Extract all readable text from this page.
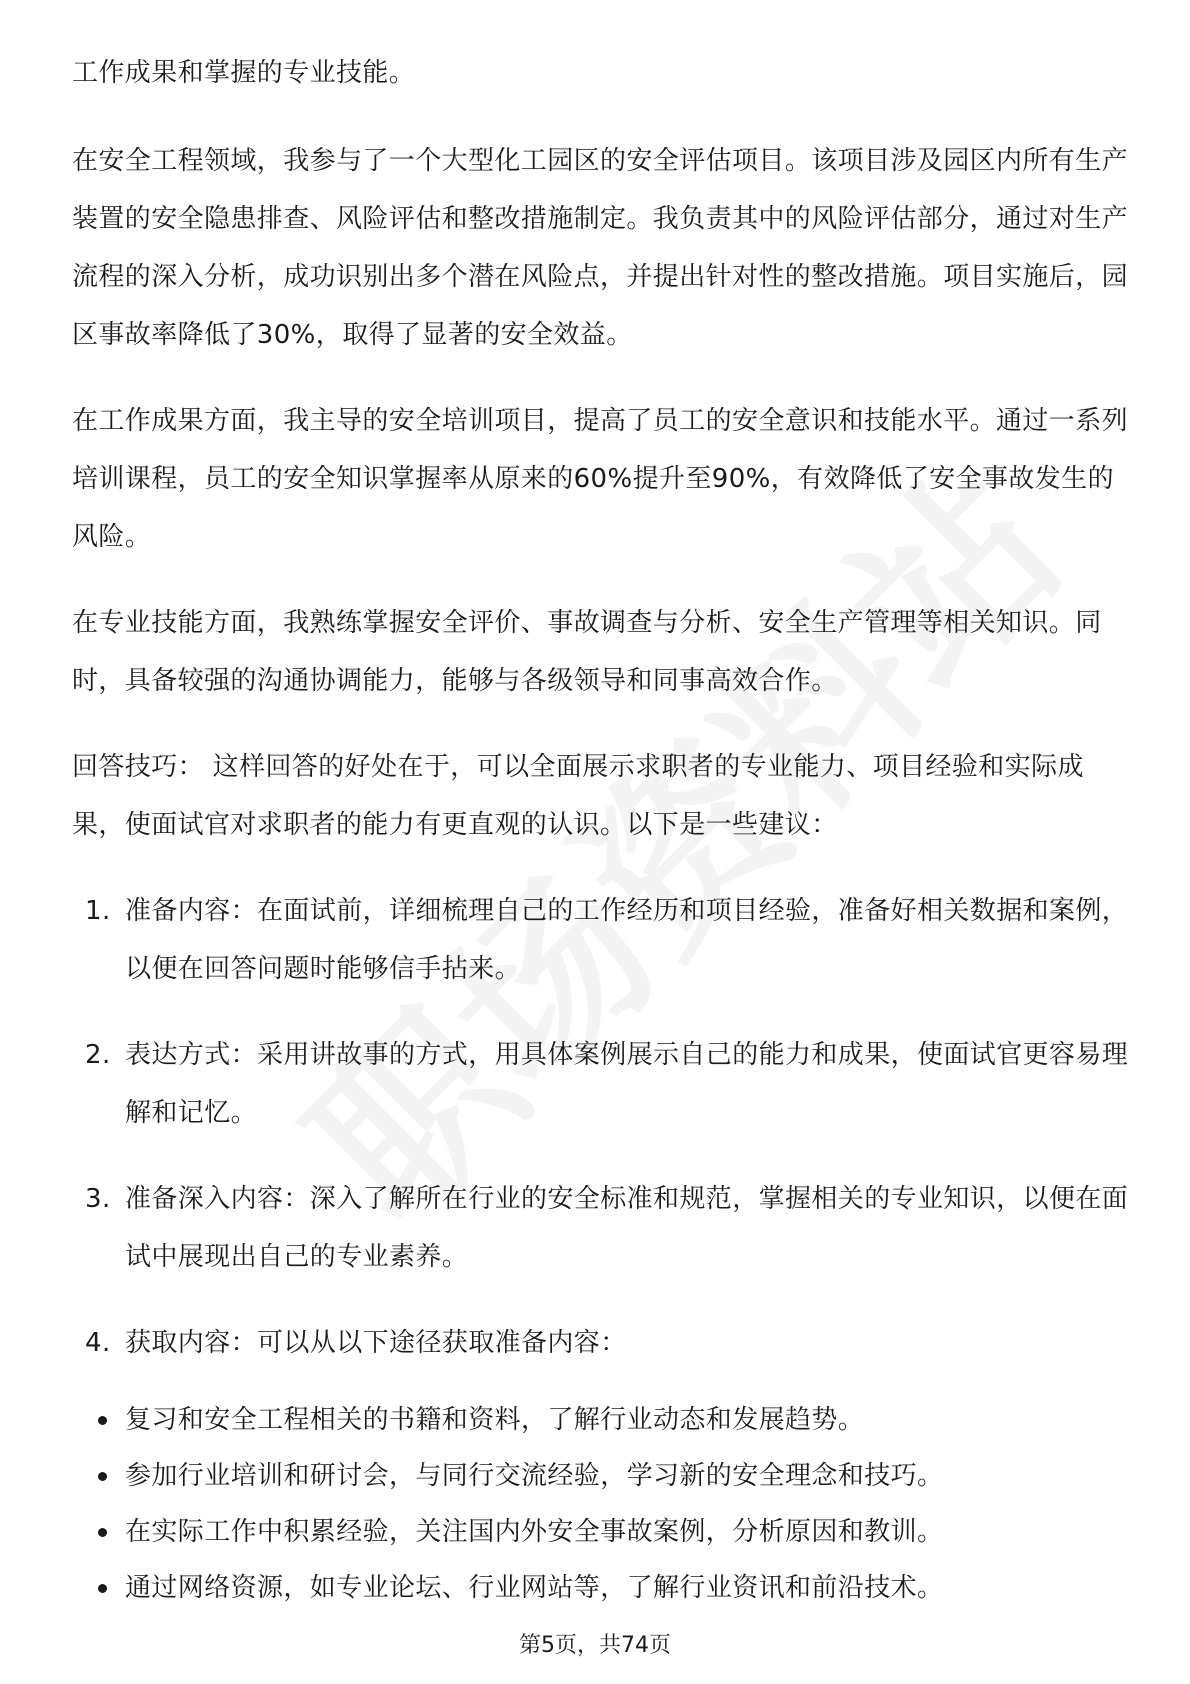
工作成果和掌握的专业技能。

在安全工程领域，我参与了一个大型化工园区的安全评估项目。该项目涉及园区内所有生产装置的安全隐患排查、风险评估和整改措施制定。我负责其中的风险评估部分，通过对生产流程的深入分析，成功识别出多个潜在风险点，并提出针对性的整改措施。项目实施后，园区事故率降低了30%，取得了显著的安全效益。

在工作成果方面，我主导的安全培训项目，提高了员工的安全意识和技能水平。通过一系列培训课程，员工的安全知识掌握率从原来的60%提升至90%，有效降低了安全事故发生的风险。

在专业技能方面，我熟练掌握安全评价、事故调查与分析、安全生产管理等相关知识。同时，具备较强的沟通协调能力，能够与各级领导和同事高效合作。

回答技巧： 这样回答的好处在于，可以全面展示求职者的专业能力、项目经验和实际成果，使面试官对求职者的能力有更直观的认识。以下是一些建议：

1. 准备内容：在面试前，详细梳理自己的工作经历和项目经验，准备好相关数据和案例，以便在回答问题时能够信手拈来。
2. 表达方式：采用讲故事的方式，用具体案例展示自己的能力和成果，使面试官更容易理解和记忆。
3. 准备深入内容：深入了解所在行业的安全标准和规范，掌握相关的专业知识，以便在面试中展现出自己的专业素养。
4. 获取内容：可以从以下途径获取准备内容：
复习和安全工程相关的书籍和资料，了解行业动态和发展趋势。
参加行业培训和研讨会，与同行交流经验，学习新的安全理念和技巧。
在实际工作中积累经验，关注国内外安全事故案例，分析原因和教训。
通过网络资源，如专业论坛、行业网站等，了解行业资讯和前沿技术。
第5页，共74页
